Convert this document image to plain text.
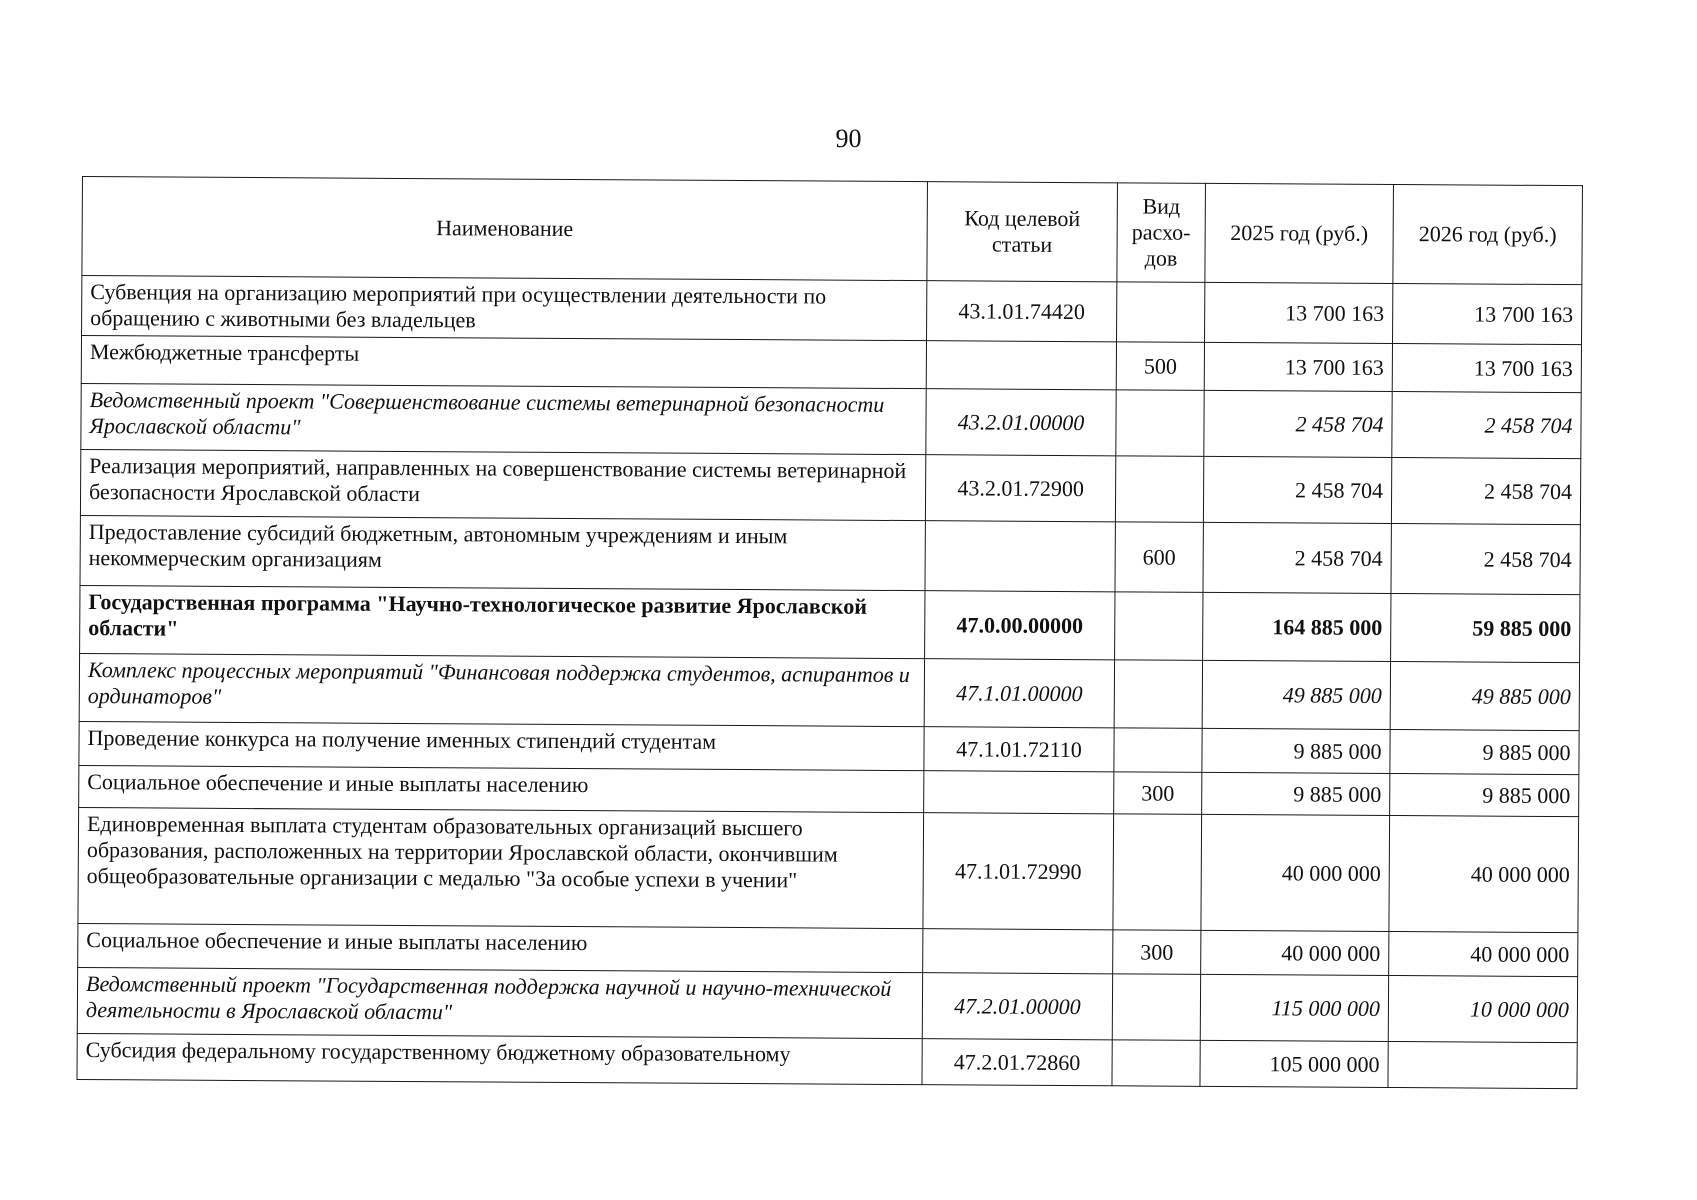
90
Наименование	Код целевой статьи	Вид расхо-дов	2025 год (руб.)	2026 год (руб.)
Субвенция на организацию мероприятий при осуществлении деятельности по обращению с животными без владельцев	43.1.01.74420		13 700 163	13 700 163
Межбюджетные трансферты		500	13 700 163	13 700 163
Ведомственный проект "Совершенствование системы ветеринарной безопасности Ярославской области"	43.2.01.00000		2 458 704	2 458 704
Реализация мероприятий, направленных на совершенствование системы ветеринарной безопасности Ярославской области	43.2.01.72900		2 458 704	2 458 704
Предоставление субсидий бюджетным, автономным учреждениям и иным некоммерческим организациям		600	2 458 704	2 458 704
Государственная программа "Научно-технологическое развитие Ярославской области"	47.0.00.00000		164 885 000	59 885 000
Комплекс процессных мероприятий "Финансовая поддержка студентов, аспирантов и ординаторов"	47.1.01.00000		49 885 000	49 885 000
Проведение конкурса на получение именных стипендий студентам	47.1.01.72110		9 885 000	9 885 000
Социальное обеспечение и иные выплаты населению		300	9 885 000	9 885 000
Единовременная выплата студентам образовательных организаций высшего образования, расположенных на территории Ярославской области, окончившим общеобразовательные организации с медалью "За особые успехи в учении"	47.1.01.72990		40 000 000	40 000 000
Социальное обеспечение и иные выплаты населению		300	40 000 000	40 000 000
Ведомственный проект "Государственная поддержка научной и научно-технической деятельности в Ярославской области"	47.2.01.00000		115 000 000	10 000 000
Субсидия федеральному государственному бюджетному образовательному	47.2.01.72860		105 000 000	
